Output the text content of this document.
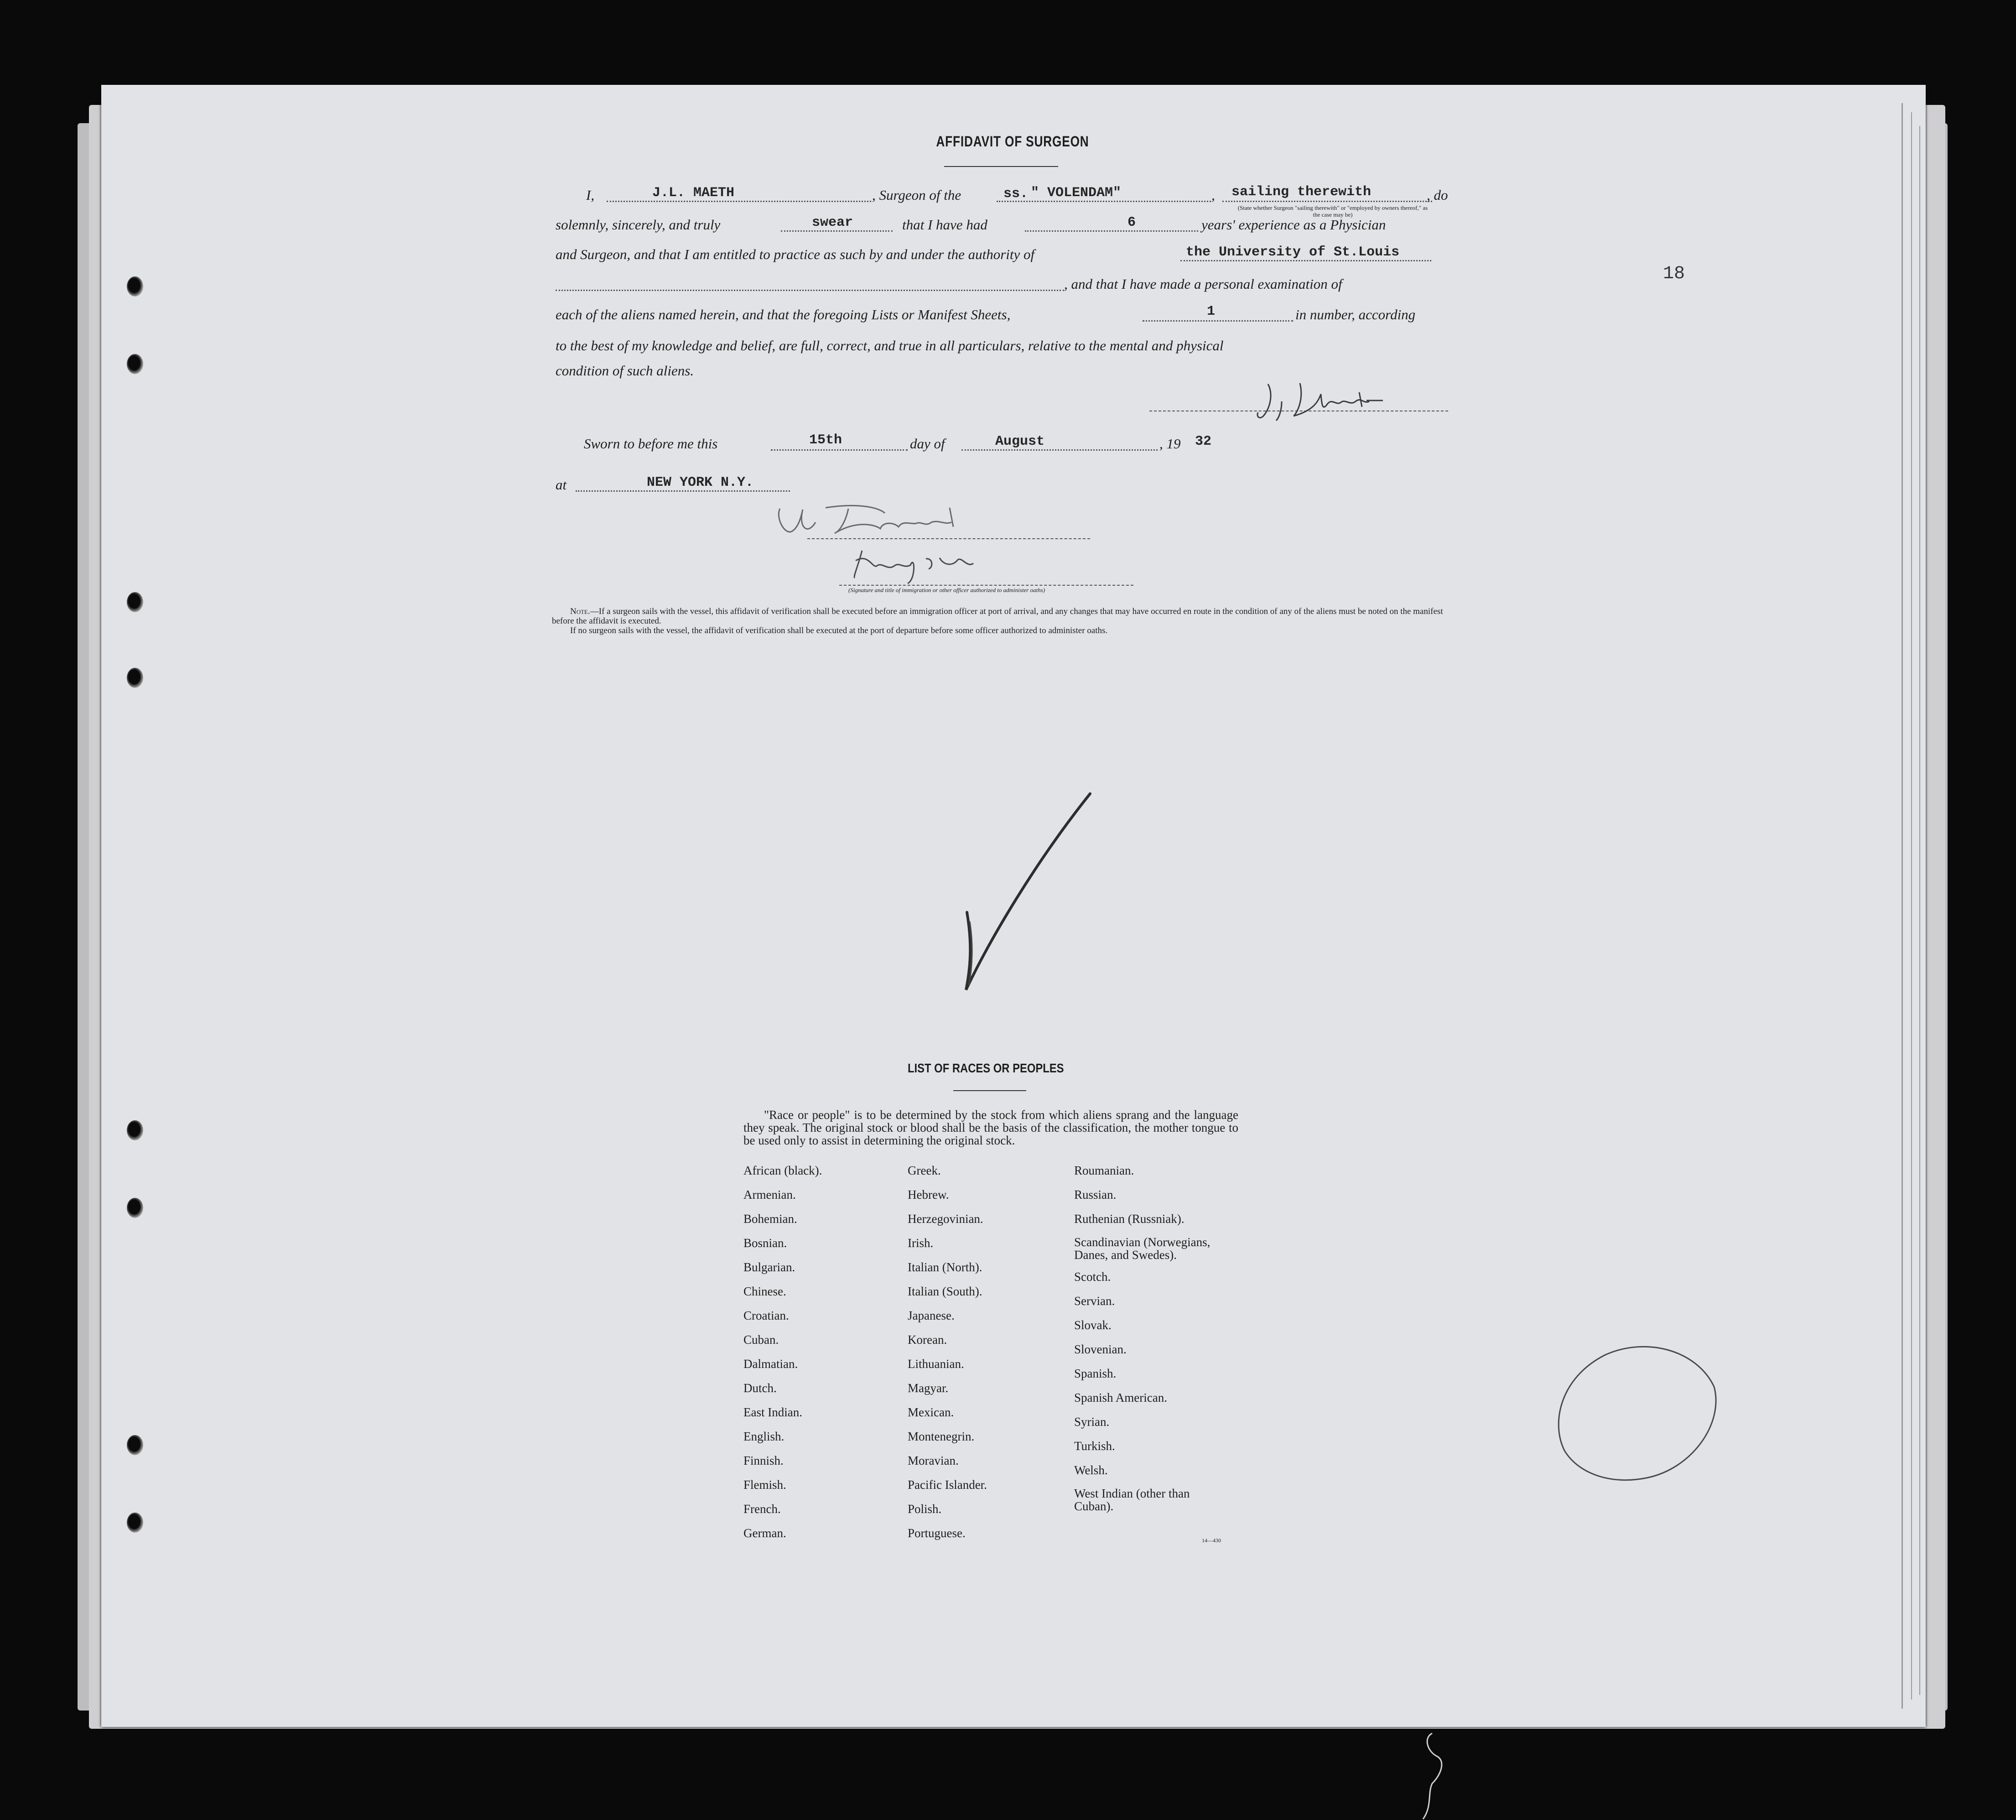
18
AFFIDAVIT OF SURGEON
I,	J.L. MAETH	, Surgeon of the	ss. " VOLENDAM"	, sailing therewith	, do
(State whether Surgeon "sailing therewith" or "employed by owners thereof," as the case may be)
solemnly, sincerely, and truly	swear	that I have had	6	years' experience as a Physician
and Surgeon, and that I am entitled to practice as such by and under the authority of	the University of St.Louis
, and that I have made a personal examination of
each of the aliens named herein, and that the foregoing Lists or Manifest Sheets,	1	in number, according
to the best of my knowledge and belief, are full, correct, and true in all particulars, relative to the mental and physical
condition of such aliens.
Sworn to before me this	15th	day of	August	, 19 32
at	NEW YORK N.Y.
(Signature and title of immigration or other officer authorized to administer oaths)
Note.—If a surgeon sails with the vessel, this affidavit of verification shall be executed before an immigration officer at port of arrival, and any changes that may have occurred en route in the condition of any of the aliens must be noted on the manifest before the affidavit is executed.
If no surgeon sails with the vessel, the affidavit of verification shall be executed at the port of departure before some officer authorized to administer oaths.
LIST OF RACES OR PEOPLES
"Race or people" is to be determined by the stock from which aliens sprang and the language they speak. The original stock or blood shall be the basis of the classification, the mother tongue to be used only to assist in determining the original stock.
African (black).
Armenian.
Bohemian.
Bosnian.
Bulgarian.
Chinese.
Croatian.
Cuban.
Dalmatian.
Dutch.
East Indian.
English.
Finnish.
Flemish.
French.
German.
Greek.
Hebrew.
Herzegovinian.
Irish.
Italian (North).
Italian (South).
Japanese.
Korean.
Lithuanian.
Magyar.
Mexican.
Montenegrin.
Moravian.
Pacific Islander.
Polish.
Portuguese.
Roumanian.
Russian.
Ruthenian (Russniak).
Scandinavian (Norwegians, Danes, and Swedes).
Scotch.
Servian.
Slovak.
Slovenian.
Spanish.
Spanish American.
Syrian.
Turkish.
Welsh.
West Indian (other than Cuban).
14—430
